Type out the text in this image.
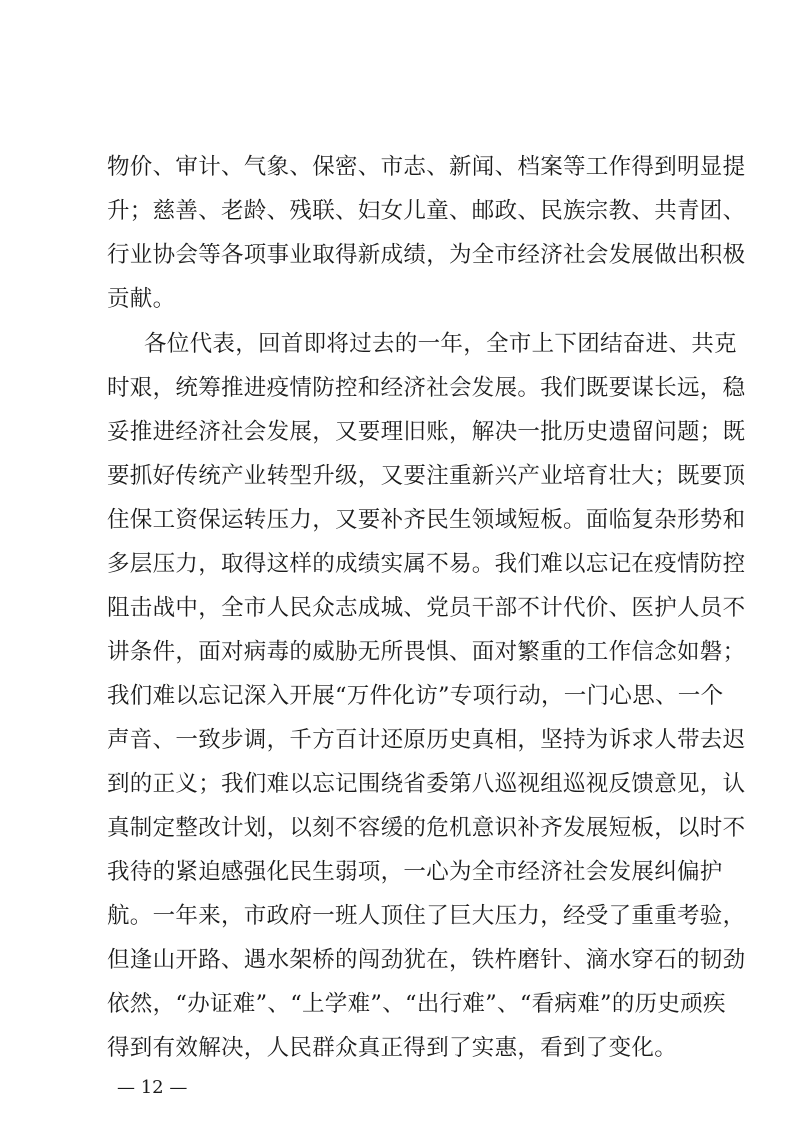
物价、审计、气象、保密、市志、新闻、档案等工作得到明显提
升；慈善、老龄、残联、妇女儿童、邮政、民族宗教、共青团、
行业协会等各项事业取得新成绩，为全市经济社会发展做出积极
贡献。
各位代表，回首即将过去的一年，全市上下团结奋进、共克
时艰，统筹推进疫情防控和经济社会发展。我们既要谋长远，稳
妥推进经济社会发展，又要理旧账，解决一批历史遗留问题；既
要抓好传统产业转型升级，又要注重新兴产业培育壮大；既要顶
住保工资保运转压力，又要补齐民生领域短板。面临复杂形势和
多层压力，取得这样的成绩实属不易。我们难以忘记在疫情防控
阻击战中，全市人民众志成城、党员干部不计代价、医护人员不
讲条件，面对病毒的威胁无所畏惧、面对繁重的工作信念如磐；
我们难以忘记深入开展“万件化访”专项行动，一门心思、一个
声音、一致步调，千方百计还原历史真相，坚持为诉求人带去迟
到的正义；我们难以忘记围绕省委第八巡视组巡视反馈意见，认
真制定整改计划，以刻不容缓的危机意识补齐发展短板，以时不
我待的紧迫感强化民生弱项，一心为全市经济社会发展纠偏护
航。一年来，市政府一班人顶住了巨大压力，经受了重重考验，
但逢山开路、遇水架桥的闯劲犹在，铁杵磨针、滴水穿石的韧劲
依然，“办证难”、“上学难”、“出行难”、“看病难”的历史顽疾
得到有效解决，人民群众真正得到了实惠，看到了变化。
— 12 —
